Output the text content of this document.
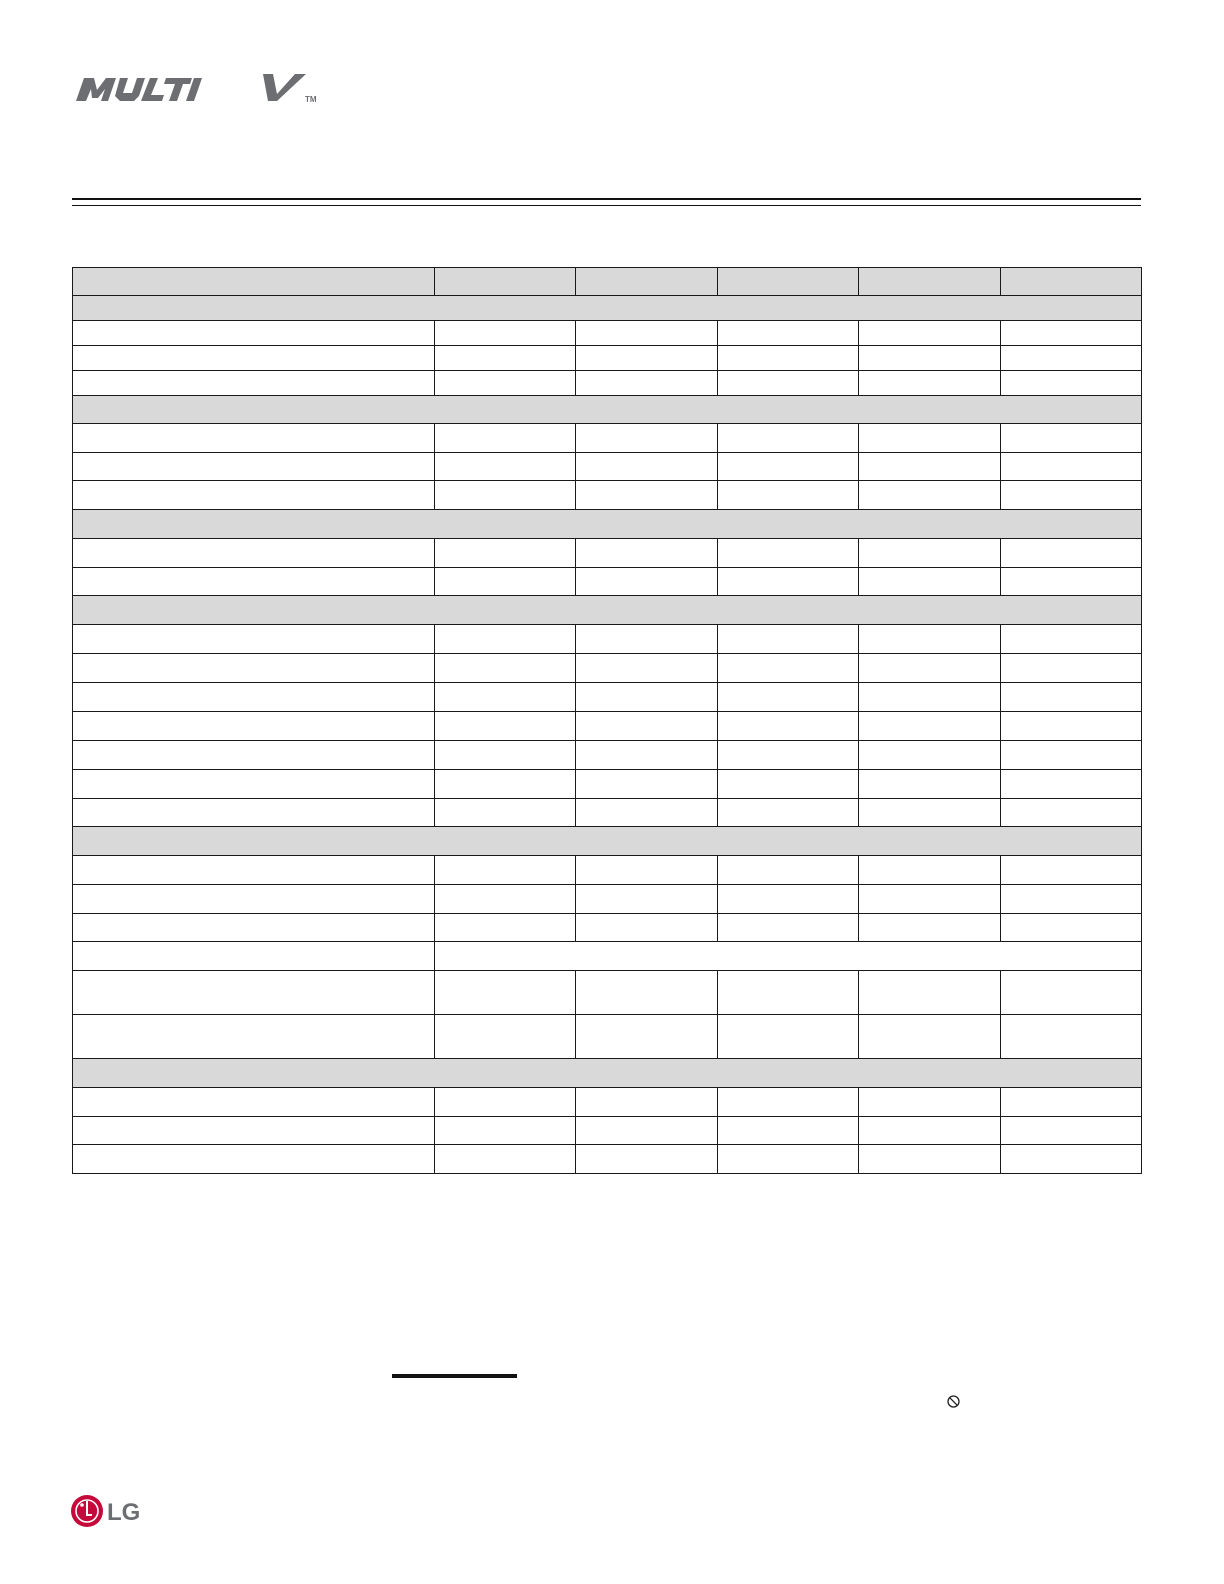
TM

LG
